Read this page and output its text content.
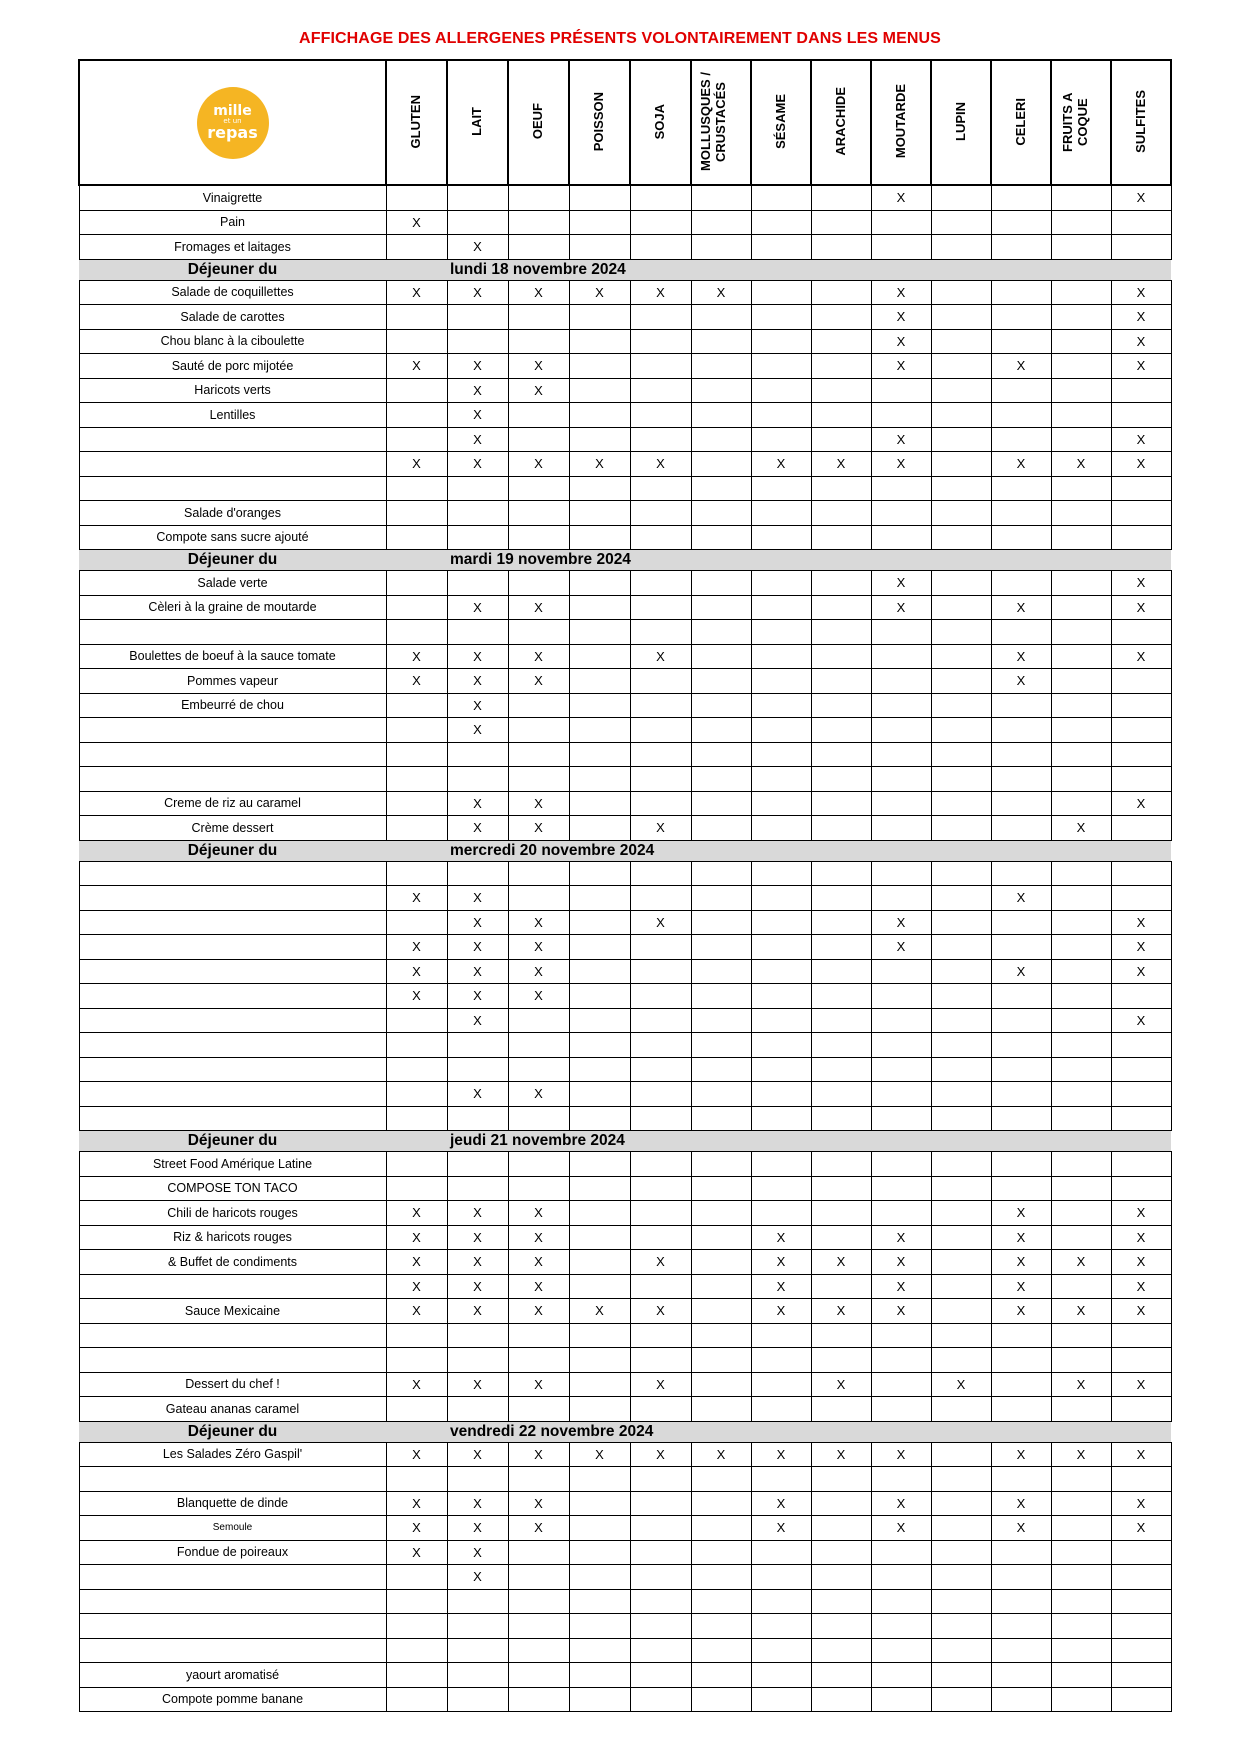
AFFICHAGE DES ALLERGENES PRÉSENTS VOLONTAIREMENT DANS LES MENUS
mille
et un
repas	GLUTEN	LAIT	OEUF	POISSON	SOJA	MOLLUSQUES / CRUSTACÉS	SÉSAME	ARACHIDE	MOUTARDE	LUPIN	CELERI	FRUITS A COQUE	SULFITES
Vinaigrette									X				X
Pain	X												
Fromages et laitages		X											
Déjeuner du	lundi 18 novembre 2024												
Salade de coquillettes	X	X	X	X	X	X			X				X
Salade de carottes									X				X
Chou blanc à la ciboulette									X				X
Sauté de porc mijotée	X	X	X						X		X		X
Haricots verts		X	X										
Lentilles		X											
		X							X				X
	X	X	X	X	X		X	X	X		X	X	X

Salade d'oranges													
Compote sans sucre ajouté													
Déjeuner du	mardi 19 novembre 2024												
Salade verte									X				X
Cèleri à la graine de moutarde		X	X						X		X		X

Boulettes de boeuf à la sauce tomate	X	X	X		X						X		X
Pommes vapeur	X	X	X								X		
Embeurré de chou		X											
		X											

Creme de riz au caramel		X	X										X
Crème dessert		X	X		X							X	
Déjeuner du	mercredi 20 novembre 2024												

	X	X									X		
		X	X		X				X				X
	X	X	X						X				X
	X	X	X								X		X
	X	X	X										
		X											X

		X	X										

Déjeuner du	jeudi 21 novembre 2024												
Street Food Amérique Latine													
COMPOSE TON TACO													
Chili de haricots rouges	X	X	X								X		X
Riz & haricots rouges	X	X	X				X		X		X		X
& Buffet de condiments	X	X	X		X		X	X	X		X	X	X
	X	X	X				X		X		X		X
Sauce Mexicaine	X	X	X	X	X		X	X	X		X	X	X

Dessert du chef !	X	X	X		X			X		X		X	X
Gateau ananas caramel													
Déjeuner du	vendredi 22 novembre 2024												
Les Salades Zéro Gaspil'	X	X	X	X	X	X	X	X	X		X	X	X

Blanquette de dinde	X	X	X				X		X		X		X
Semoule	X	X	X				X		X		X		X
Fondue de poireaux	X	X											
		X											

yaourt aromatisé													
Compote pomme banane													
